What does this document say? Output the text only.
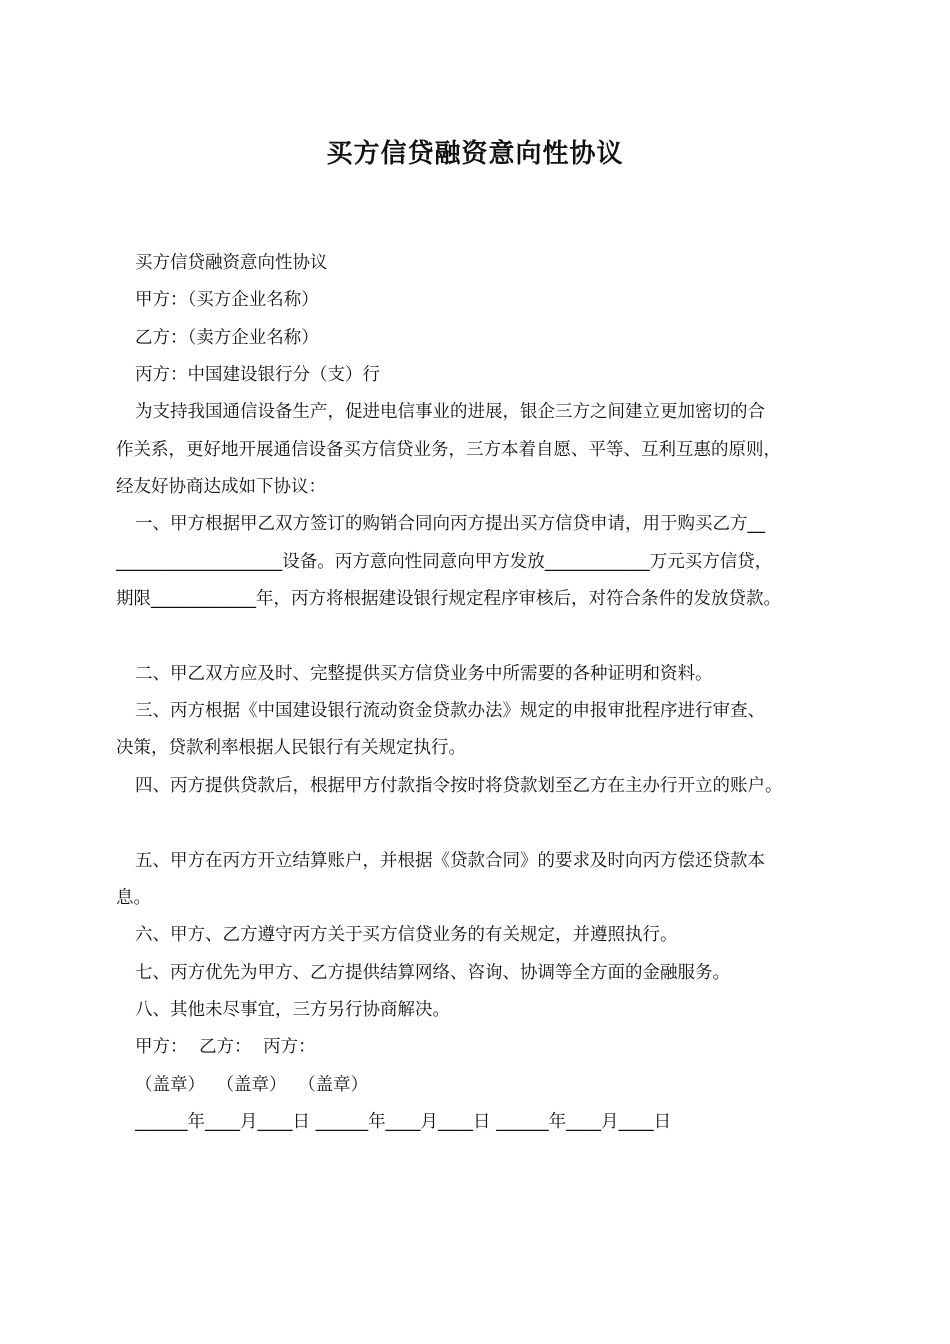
买方信贷融资意向性协议
买方信贷融资意向性协议
甲方：（买方企业名称）
乙方：（卖方企业名称）
丙方：中国建设银行分（支）行
为支持我国通信设备生产，促进电信事业的进展，银企三方之间建立更加密切的合
作关系，更好地开展通信设备买方信贷业务，三方本着自愿、平等、互利互惠的原则，
经友好协商达成如下协议：
一、甲方根据甲乙双方签订的购销合同向丙方提出买方信贷申请，用于购买乙方__
___________________设备。丙方意向性同意向甲方发放____________万元买方信贷，
期限____________年，丙方将根据建设银行规定程序审核后，对符合条件的发放贷款。
二、甲乙双方应及时、完整提供买方信贷业务中所需要的各种证明和资料。
三、丙方根据《中国建设银行流动资金贷款办法》规定的申报审批程序进行审查、
决策，贷款利率根据人民银行有关规定执行。
四、丙方提供贷款后，根据甲方付款指令按时将贷款划至乙方在主办行开立的账户。
五、甲方在丙方开立结算账户，并根据《贷款合同》的要求及时向丙方偿还贷款本
息。
六、甲方、乙方遵守丙方关于买方信贷业务的有关规定，并遵照执行。
七、丙方优先为甲方、乙方提供结算网络、咨询、协调等全方面的金融服务。
八、其他未尽事宜，三方另行协商解决。
甲方： 乙方： 丙方：
（盖章） （盖章） （盖章）
______年____月____日 ______年____月____日 ______年____月____日
